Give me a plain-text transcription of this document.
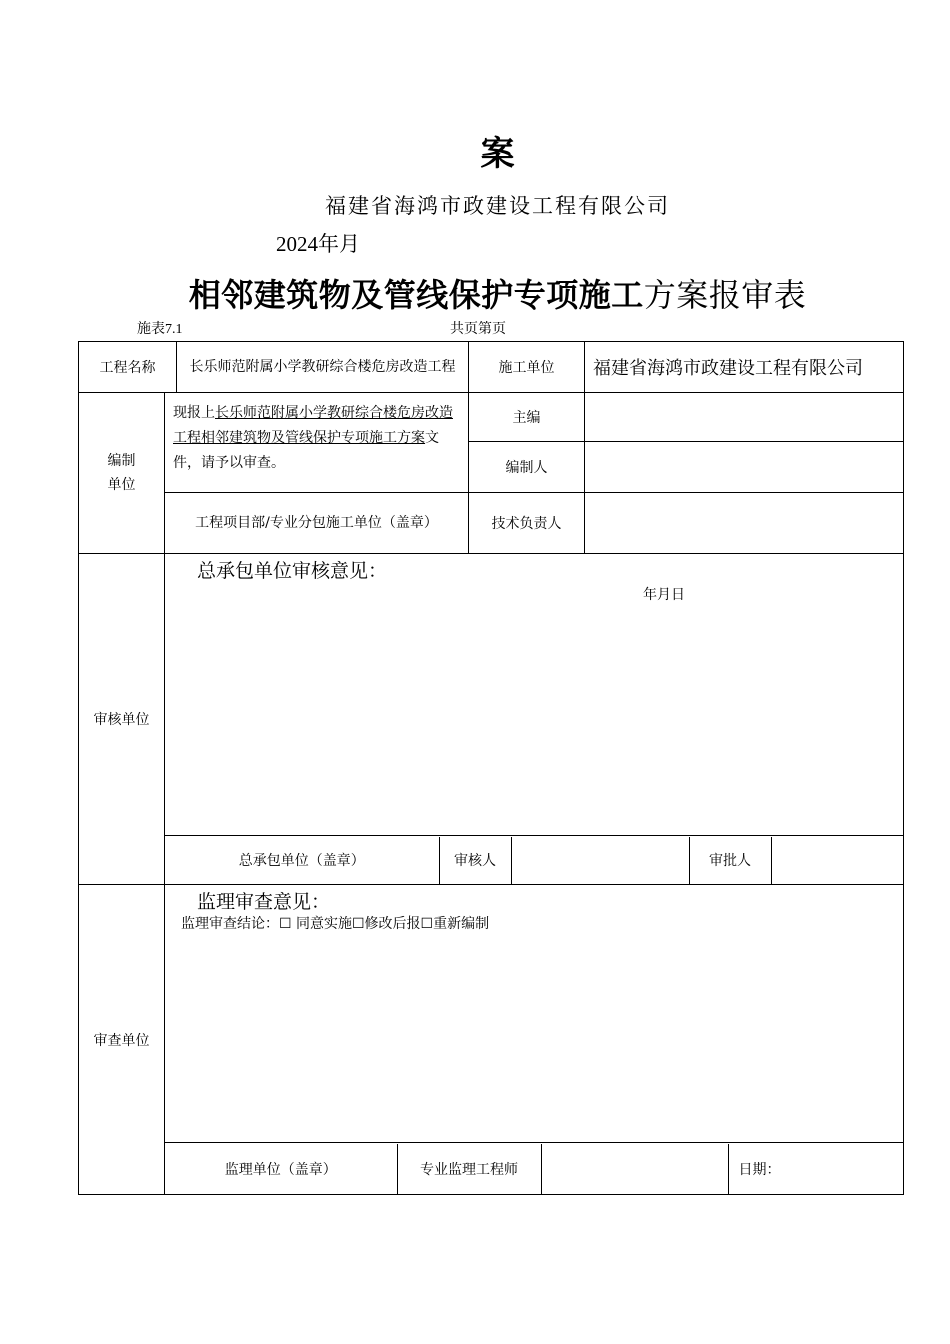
案
福建省海鸿市政建设工程有限公司
2024年月
相邻建筑物及管线保护专项施工方案报审表
施表7.1	共页第页
工程名称	长乐师范附属小学教研综合楼危房改造工程	施工单位	福建省海鸿市政建设工程有限公司

编制
单位
	现报上长乐师范附属小学教研综合楼危房改造工程相邻建筑物及管线保护专项施工方案文件，请予以审查。	主编	
编制人	
工程项目部/专业分包施工单位（盖章）	技术负责人	
审核单位	
总承包单位审核意见：
年月日

总承包单位（盖章）	审核人		审批人	

审查单位	
监理审查意见：
监理审查结论：☐ 同意实施☐修改后报☐重新编制

监理单位（盖章）	专业监理工程师		日期：
